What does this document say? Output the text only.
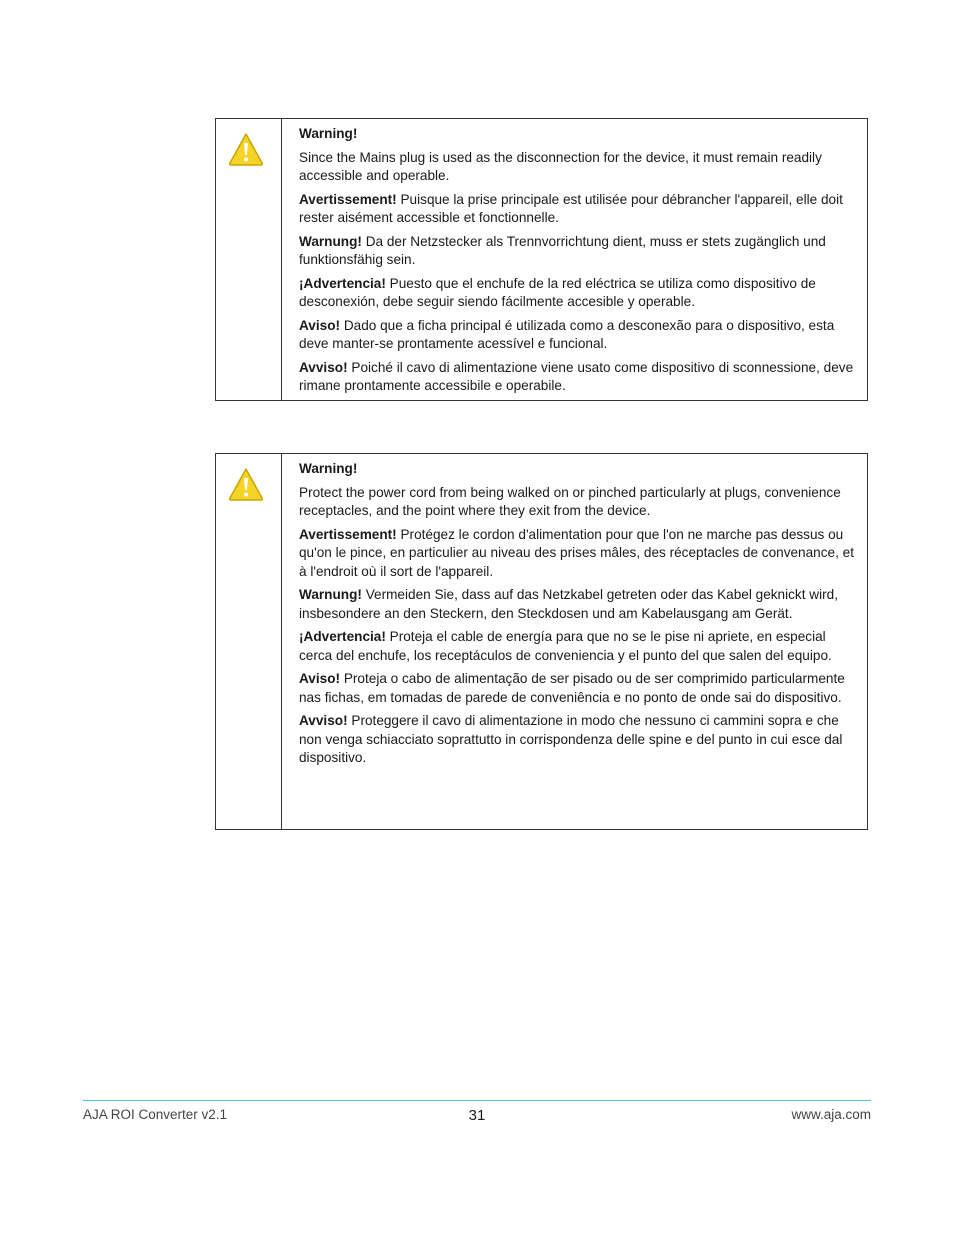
Warning!

Since the Mains plug is used as the disconnection for the device, it must remain readily accessible and operable.

Avertissement! Puisque la prise principale est utilisée pour débrancher l'appareil, elle doit rester aisément accessible et fonctionnelle.

Warnung! Da der Netzstecker als Trennvorrichtung dient, muss er stets zugänglich und funktionsfähig sein.

¡Advertencia! Puesto que el enchufe de la red eléctrica se utiliza como dispositivo de desconexión, debe seguir siendo fácilmente accesible y operable.

Aviso! Dado que a ficha principal é utilizada como a desconexão para o dispositivo, esta deve manter-se prontamente acessível e funcional.

Avviso! Poiché il cavo di alimentazione viene usato come dispositivo di sconnessione, deve rimane prontamente accessibile e operabile.

Warning!

Protect the power cord from being walked on or pinched particularly at plugs, convenience receptacles, and the point where they exit from the device.

Avertissement! Protégez le cordon d'alimentation pour que l'on ne marche pas dessus ou qu'on le pince, en particulier au niveau des prises mâles, des réceptacles de convenance, et à l'endroit où il sort de l'appareil.

Warnung! Vermeiden Sie, dass auf das Netzkabel getreten oder das Kabel geknickt wird, insbesondere an den Steckern, den Steckdosen und am Kabelausgang am Gerät.

¡Advertencia! Proteja el cable de energía para que no se le pise ni apriete, en especial cerca del enchufe, los receptáculos de conveniencia y el punto del que salen del equipo.

Aviso! Proteja o cabo de alimentação de ser pisado ou de ser comprimido particularmente nas fichas, em tomadas de parede de conveniência e no ponto de onde sai do dispositivo.

Avviso! Proteggere il cavo di alimentazione in modo che nessuno ci cammini sopra e che non venga schiacciato soprattutto in corrispondenza delle spine e del punto in cui esce dal dispositivo.

AJA ROI Converter v2.1	31	www.aja.com
